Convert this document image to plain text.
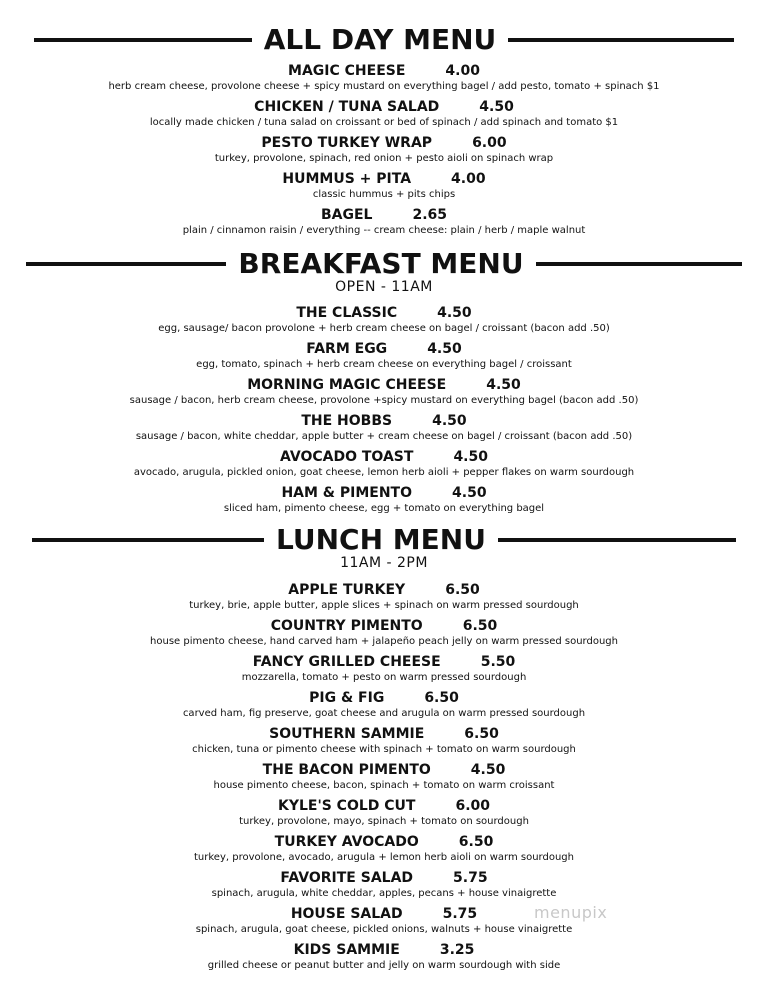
ALL DAY MENU
MAGIC CHEESE	4.00
herb cream cheese, provolone cheese + spicy mustard on everything bagel / add pesto, tomato + spinach $1
CHICKEN / TUNA SALAD	4.50
locally made chicken / tuna salad on croissant or bed of spinach / add spinach and tomato $1
PESTO TURKEY WRAP	6.00
turkey, provolone, spinach, red onion + pesto aioli on spinach wrap
HUMMUS + PITA	4.00
classic hummus + pits chips
BAGEL	2.65
plain / cinnamon raisin / everything -- cream cheese: plain / herb / maple walnut
BREAKFAST MENU
OPEN - 11AM
THE CLASSIC	4.50
egg, sausage/ bacon provolone + herb cream cheese on bagel / croissant (bacon add .50)
FARM EGG	4.50
egg, tomato, spinach + herb cream cheese on everything bagel / croissant
MORNING MAGIC CHEESE	4.50
sausage / bacon, herb cream cheese, provolone +spicy mustard on everything bagel (bacon add .50)
THE HOBBS	4.50
sausage / bacon, white cheddar, apple butter + cream cheese on bagel / croissant (bacon add .50)
AVOCADO TOAST	4.50
avocado, arugula, pickled onion, goat cheese, lemon herb aioli + pepper flakes on warm sourdough
HAM & PIMENTO	4.50
sliced ham, pimento cheese, egg + tomato on everything bagel
LUNCH MENU
11AM - 2PM
APPLE TURKEY	6.50
turkey, brie, apple butter, apple slices + spinach on warm pressed sourdough
COUNTRY PIMENTO	6.50
house pimento cheese, hand carved ham + jalapeño peach jelly on warm pressed sourdough
FANCY GRILLED CHEESE	5.50
mozzarella, tomato + pesto on warm pressed sourdough
PIG & FIG	6.50
carved ham, fig preserve, goat cheese and arugula on warm pressed sourdough
SOUTHERN SAMMIE	6.50
chicken, tuna or pimento cheese with spinach + tomato on warm sourdough
THE BACON PIMENTO	4.50
house pimento cheese, bacon, spinach + tomato on warm croissant
KYLE'S COLD CUT	6.00
turkey, provolone, mayo, spinach + tomato on sourdough
TURKEY AVOCADO	6.50
turkey, provolone, avocado, arugula + lemon herb aioli on warm sourdough
FAVORITE SALAD	5.75
spinach, arugula, white cheddar, apples, pecans + house vinaigrette
HOUSE SALAD	5.75
spinach, arugula, goat cheese, pickled onions, walnuts + house vinaigrette
KIDS SAMMIE	3.25
grilled cheese or peanut butter and jelly on warm sourdough with side
menupix
